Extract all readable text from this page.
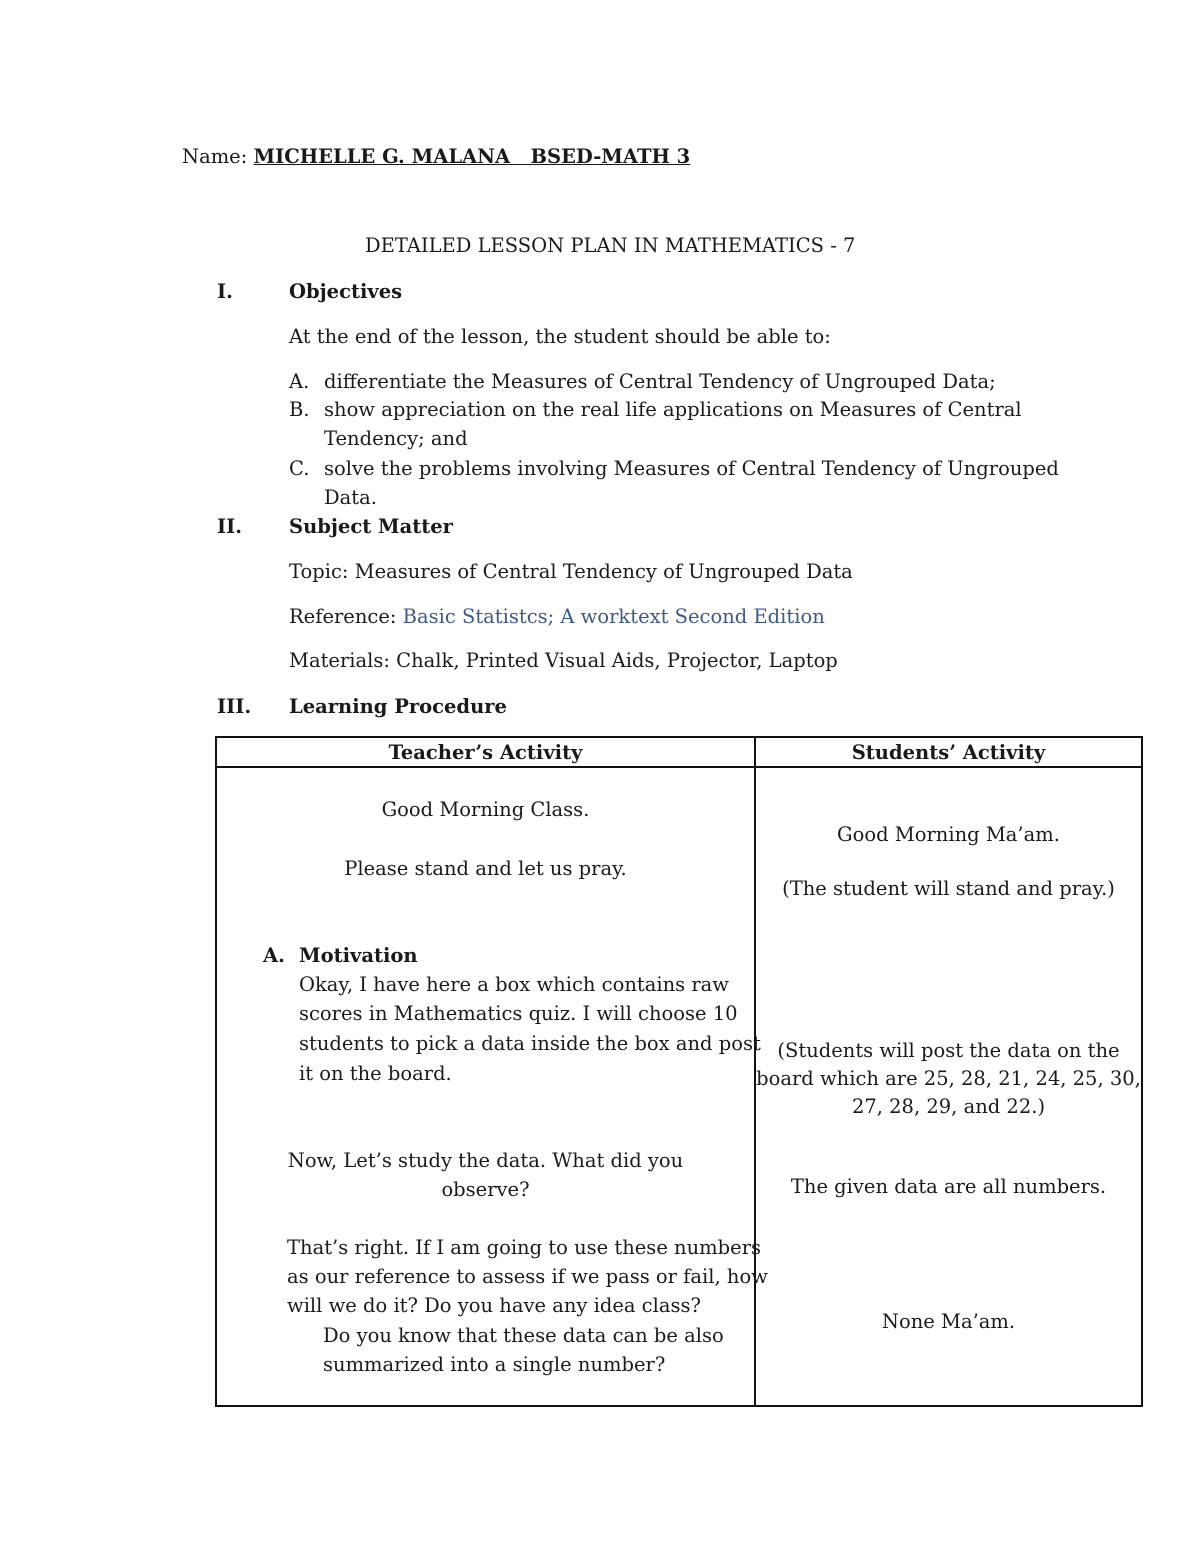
Name: MICHELLE G. MALANA   BSED-MATH 3
DETAILED LESSON PLAN IN MATHEMATICS - 7
I.	Objectives
At the end of the lesson, the student should be able to:
A. differentiate the Measures of Central Tendency of Ungrouped Data;
B. show appreciation on the real life applications on Measures of Central
Tendency; and
C. solve the problems involving Measures of Central Tendency of Ungrouped
Data.
II. Subject Matter
Topic: Measures of Central Tendency of Ungrouped Data
Reference: Basic Statistcs; A worktext Second Edition
Materials: Chalk, Printed Visual Aids, Projector, Laptop
III. Learning Procedure
Teacher’s Activity	Students’ Activity
Good Morning Class.
Please stand and let us pray.
A. Motivation
Okay, I have here a box which contains raw
scores in Mathematics quiz. I will choose 10
students to pick a data inside the box and post
it on the board.
Now, Let’s study the data. What did you
observe?
That’s right. If I am going to use these numbers
as our reference to assess if we pass or fail, how
will we do it? Do you have any idea class?
Do you know that these data can be also
summarized into a single number?
Good Morning Ma’am.
(The student will stand and pray.)
(Students will post the data on the
board which are 25, 28, 21, 24, 25, 30,
27, 28, 29, and 22.)
The given data are all numbers.
None Ma’am.
